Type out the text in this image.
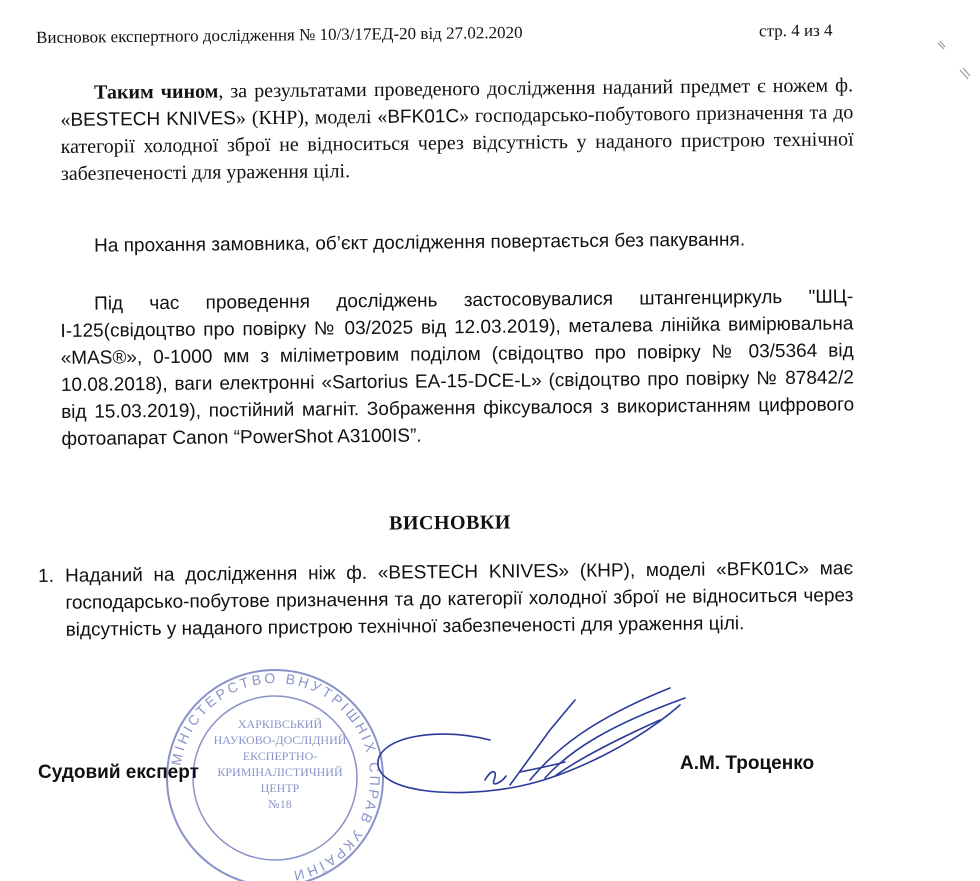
Висновок експертного дослідження № 10/3/17ЕД-20 від 27.02.2020	стр. 4 из 4
Таким чином, за результатами проведеного дослідження наданий предмет є ножем ф. «BESTECH KNIVES» (КНР), моделі «BFK01C» господарсько-побутового призначення та до категорії холодної зброї не відноситься через відсутність у наданого пристрою технічної забезпеченості для ураження цілі.
На прохання замовника, об’єкт дослідження повертається без пакування.
Під час проведення досліджень застосовувалися штангенциркуль "ШЦ-І-125(свідоцтво про повірку № 03/2025 від 12.03.2019), металева лінійка вимірювальна «MAS®», 0-1000 мм з міліметровим поділом (свідоцтво про повірку № 03/5364 від 10.08.2018), ваги електронні «Sartorius EA-15-DCE-L» (свідоцтво про повірку № 87842/2 від 15.03.2019), постійний магніт. Зображення фіксувалося з використанням цифрового фотоапарат Canon “PowerShot A3100IS”.
ВИСНОВКИ
1. Наданий на дослідження ніж ф. «BESTECH KNIVES» (КНР), моделі «BFK01C» має господарсько-побутове призначення та до категорії холодної зброї не відноситься через відсутність у наданого пристрою технічної забезпеченості для ураження цілі.
МІНІСТЕРСТВО ВНУТРІШНІХ СПРАВ УКРАЇНИ
ХАРКІВСЬКИЙ
НАУКОВО-ДОСЛІДНИЙ
ЕКСПЕРТНО-
КРИМІНАЛІСТИЧНИЙ
ЦЕНТР
№18
Судовий експерт	А.М. Троценко
